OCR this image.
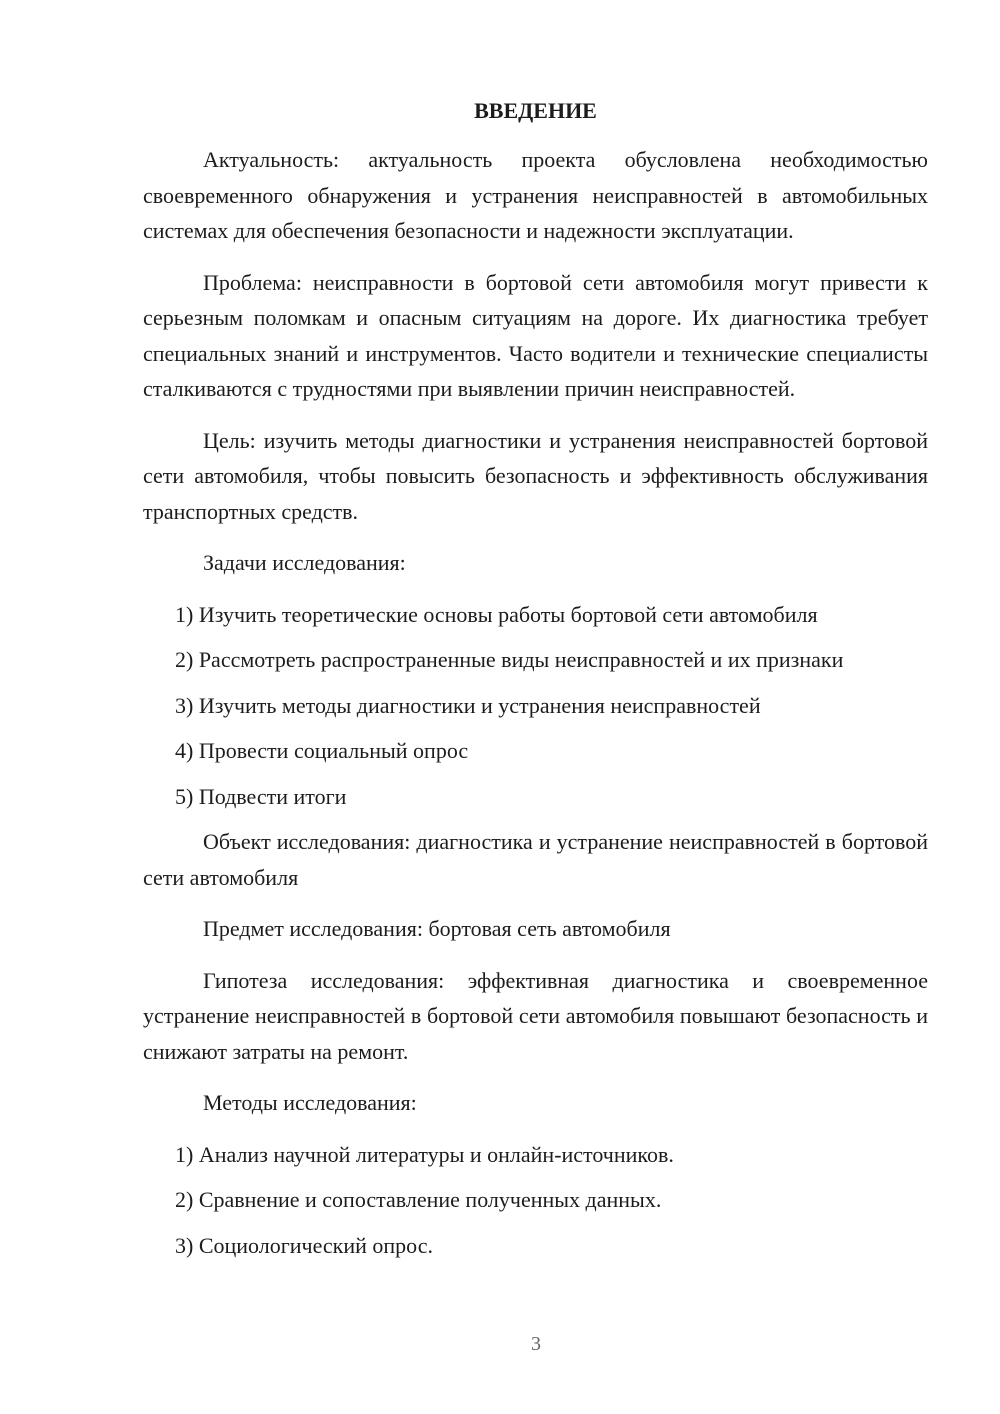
ВВЕДЕНИЕ

Актуальность: актуальность проекта обусловлена необходимостью своевременного обнаружения и устранения неисправностей в автомобильных системах для обеспечения безопасности и надежности эксплуатации.

Проблема: неисправности в бортовой сети автомобиля могут привести к серьезным поломкам и опасным ситуациям на дороге. Их диагностика требует специальных знаний и инструментов. Часто водители и технические специалисты сталкиваются с трудностями при выявлении причин неисправностей.

Цель: изучить методы диагностики и устранения неисправностей бортовой сети автомобиля, чтобы повысить безопасность и эффективность обслуживания транспортных средств.

Задачи исследования:

1) Изучить теоретические основы работы бортовой сети автомобиля
2) Рассмотреть распространенные виды неисправностей и их признаки
3) Изучить методы диагностики и устранения неисправностей
4) Провести социальный опрос
5) Подвести итоги

Объект исследования: диагностика и устранение неисправностей в бортовой сети автомобиля

Предмет исследования: бортовая сеть автомобиля

Гипотеза исследования: эффективная диагностика и своевременное устранение неисправностей в бортовой сети автомобиля повышают безопасность и снижают затраты на ремонт.

Методы исследования:

1) Анализ научной литературы и онлайн-источников.
2) Сравнение и сопоставление полученных данных.
3) Социологический опрос.
3
